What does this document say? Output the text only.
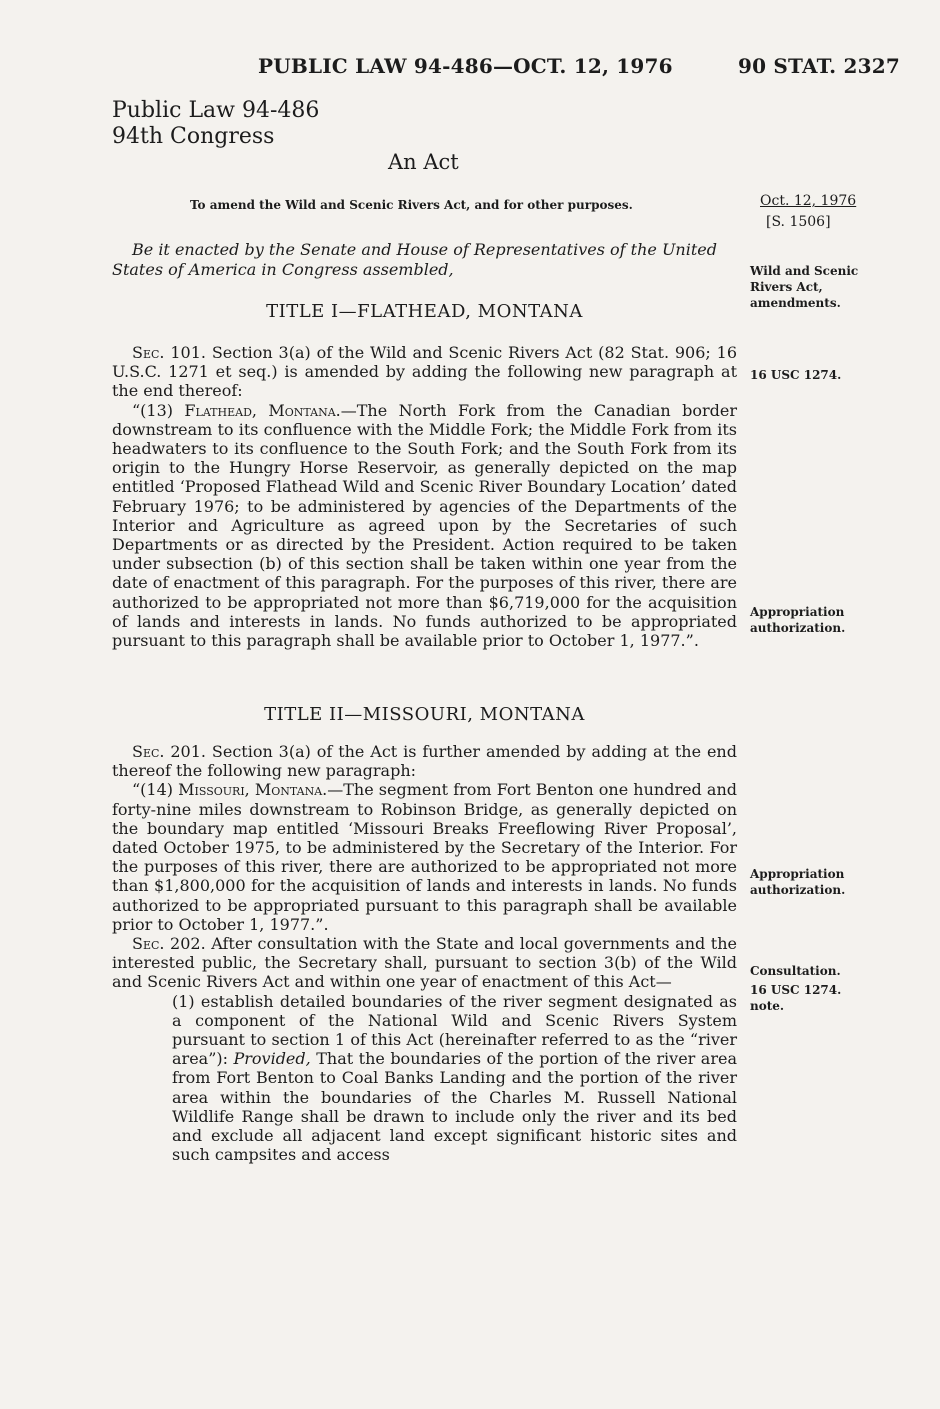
PUBLIC LAW 94-486—OCT. 12, 1976	90 STAT. 2327
Public Law 94-486
94th Congress
An Act
To amend the Wild and Scenic Rivers Act, and for other purposes.
Be it enacted by the Senate and House of Representatives of the United States of America in Congress assembled,
TITLE I—FLATHEAD, MONTANA

Sec. 101. Section 3(a) of the Wild and Scenic Rivers Act (82 Stat. 906; 16 U.S.C. 1271 et seq.) is amended by adding the following new paragraph at the end thereof:

“(13) Flathead, Montana.—The North Fork from the Canadian border downstream to its confluence with the Middle Fork; the Middle Fork from its headwaters to its confluence to the South Fork; and the South Fork from its origin to the Hungry Horse Reservoir, as generally depicted on the map entitled ‘Proposed Flathead Wild and Scenic River Boundary Location’ dated February 1976; to be administered by agencies of the Departments of the Interior and Agriculture as agreed upon by the Secretaries of such Departments or as directed by the President. Action required to be taken under subsection (b) of this section shall be taken within one year from the date of enactment of this paragraph. For the purposes of this river, there are authorized to be appropriated not more than $6,719,000 for the acquisition of lands and interests in lands. No funds authorized to be appropriated pursuant to this paragraph shall be available prior to October 1, 1977.”.

TITLE II—MISSOURI, MONTANA

Sec. 201. Section 3(a) of the Act is further amended by adding at the end thereof the following new paragraph:

“(14) Missouri, Montana.—The segment from Fort Benton one hundred and forty-nine miles downstream to Robinson Bridge, as generally depicted on the boundary map entitled ‘Missouri Breaks Freeflowing River Proposal’, dated October 1975, to be administered by the Secretary of the Interior. For the purposes of this river, there are authorized to be appropriated not more than $1,800,000 for the acquisition of lands and interests in lands. No funds authorized to be appropriated pursuant to this paragraph shall be available prior to October 1, 1977.”.

Sec. 202. After consultation with the State and local governments and the interested public, the Secretary shall, pursuant to section 3(b) of the Wild and Scenic Rivers Act and within one year of enactment of this Act—

(1) establish detailed boundaries of the river segment designated as a component of the National Wild and Scenic Rivers System pursuant to section 1 of this Act (hereinafter referred to as the “river area”): Provided, That the boundaries of the portion of the river area from Fort Benton to Coal Banks Landing and the portion of the river area within the boundaries of the Charles M. Russell National Wildlife Range shall be drawn to include only the river and its bed and exclude all adjacent land except significant historic sites and such campsites and access

Oct. 12, 1976
[S. 1506]
Wild and Scenic Rivers Act, amendments.
16 USC 1274.
Appropriation authorization.
Appropriation authorization.
Consultation.
16 USC 1274. note.
